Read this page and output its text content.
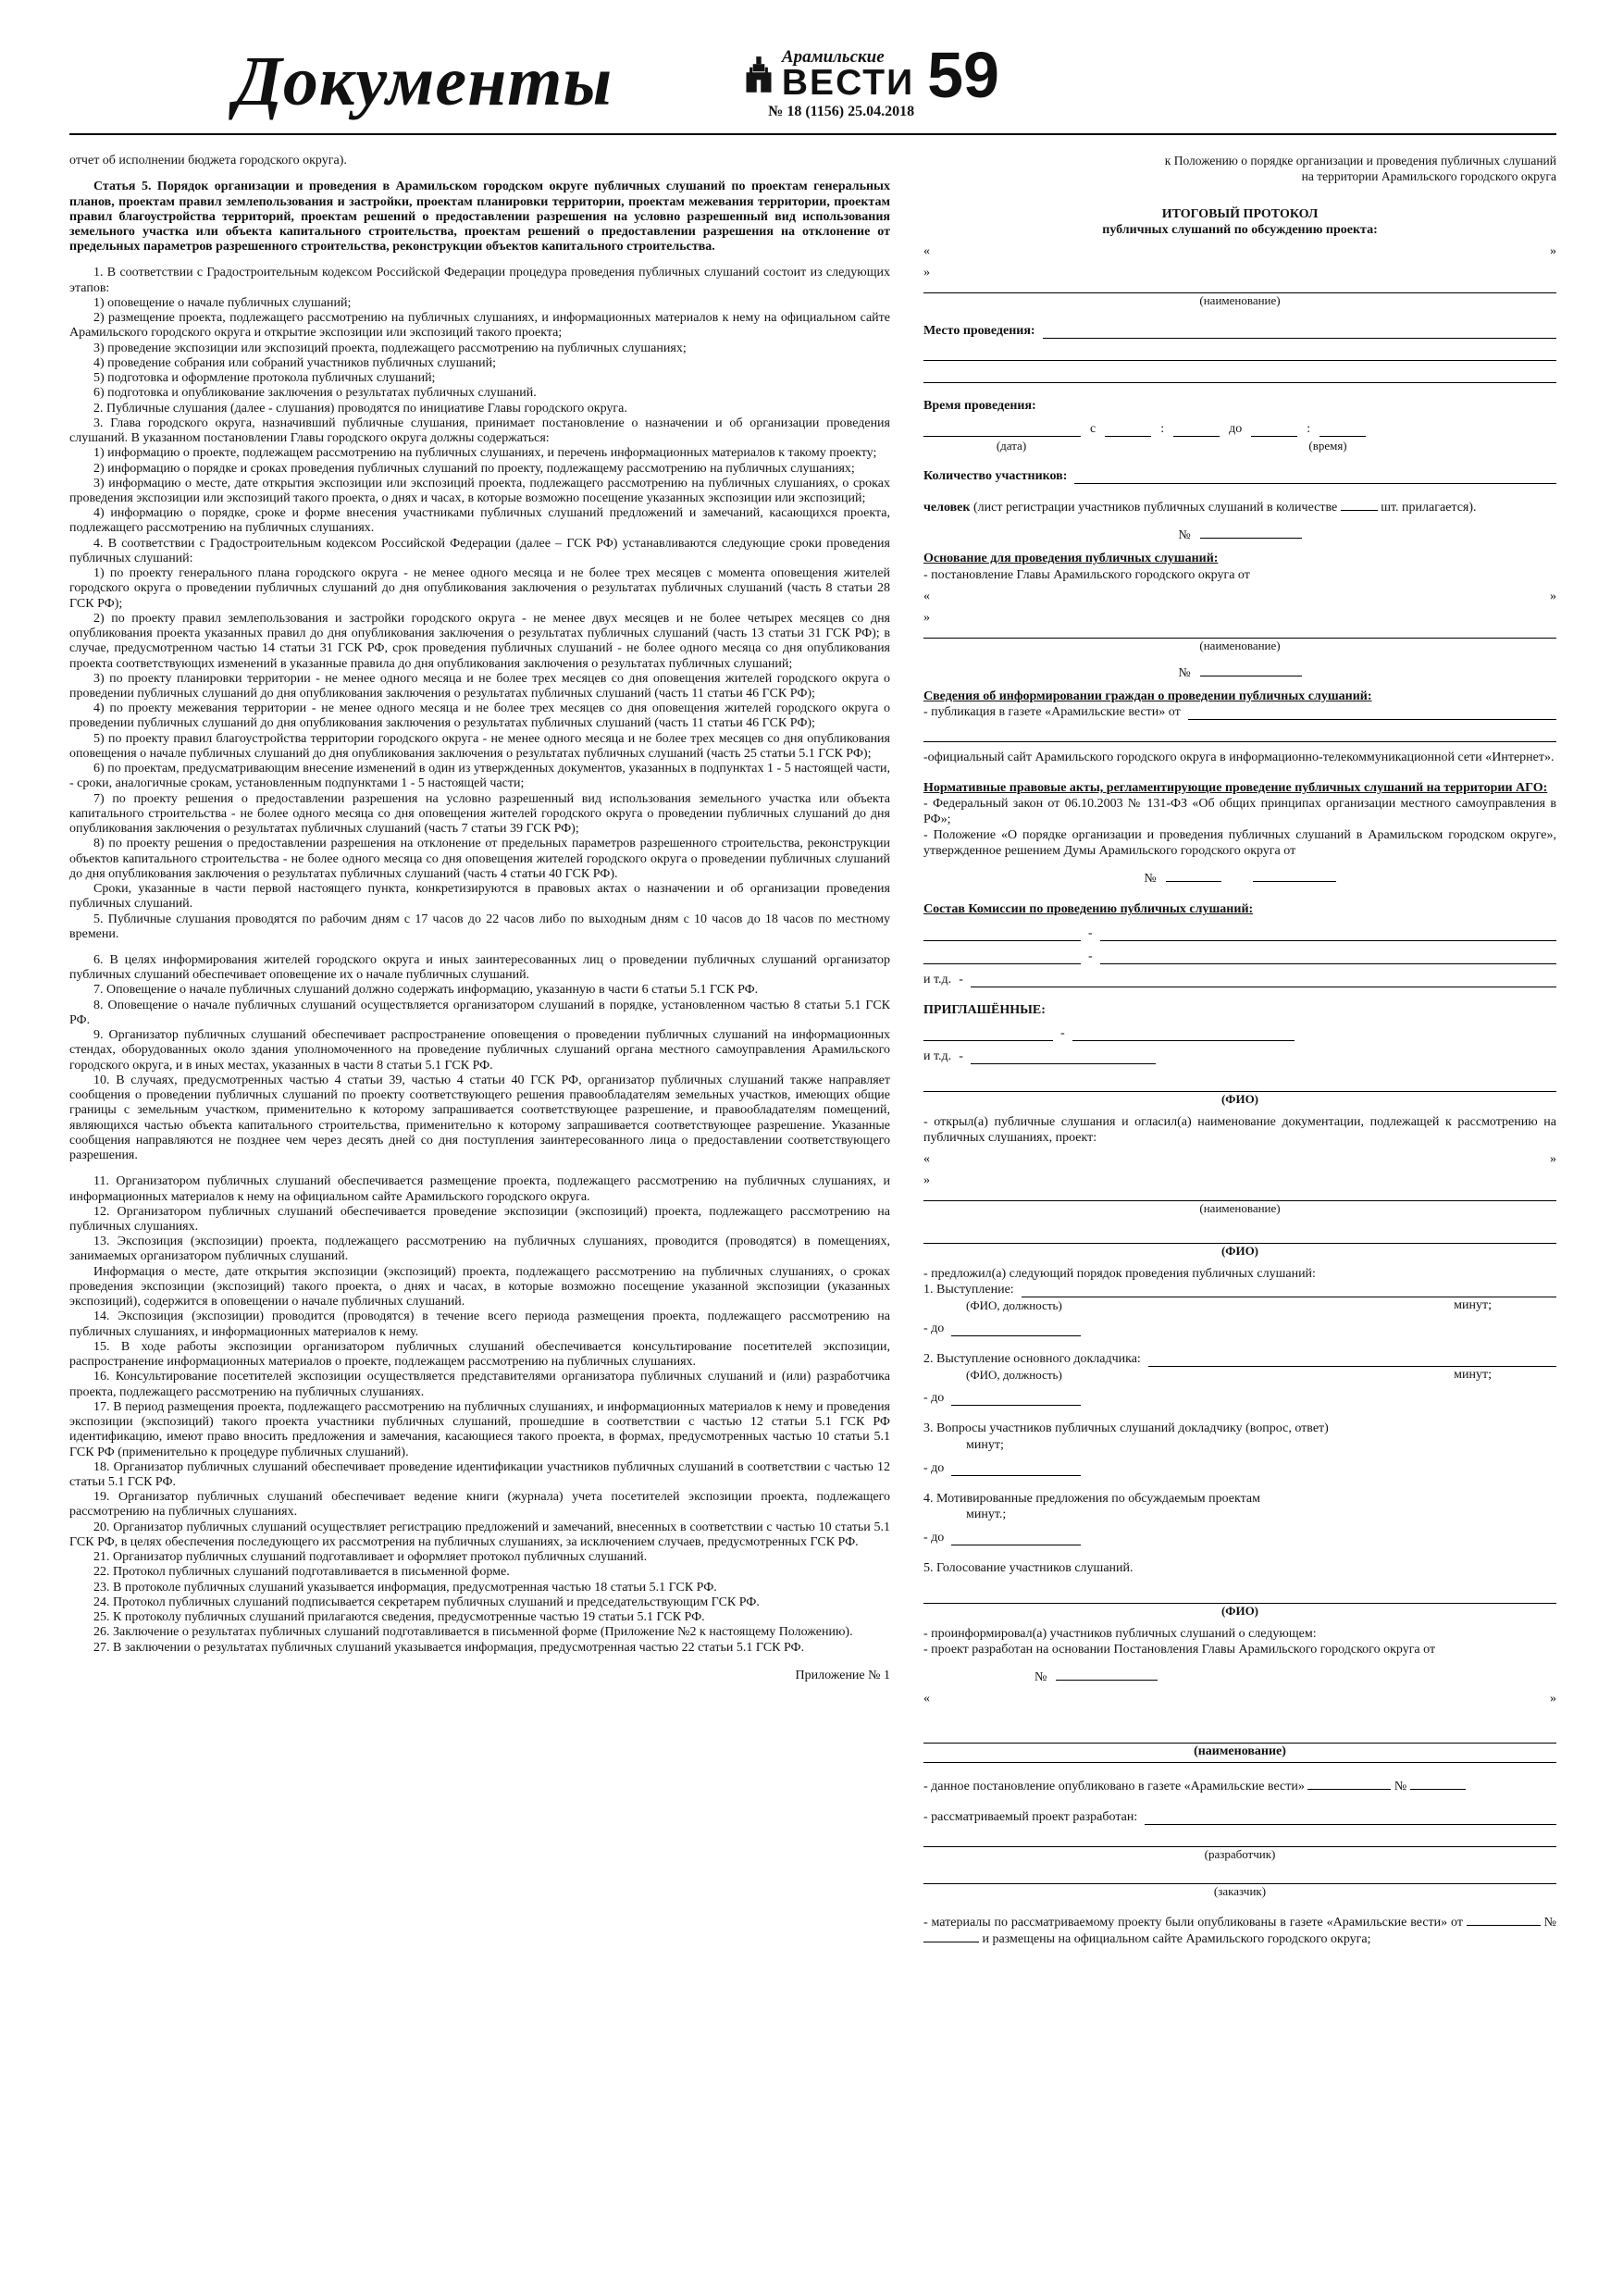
Документы	Арамильские
ВЕСТИ
№ 18 (1156) 25.04.2018
59

отчет об исполнении бюджета городского округа).

Статья 5. Порядок организации и проведения в Арамильском городском округе публичных слушаний по проектам генеральных планов, проектам правил землепользования и застройки, проектам планировки территории, проектам межевания территории, проектам правил благоустройства территорий, проектам решений о предоставлении разрешения на условно разрешенный вид использования земельного участка или объекта капитального строительства, проектам решений о предоставлении разрешения на отклонение от предельных параметров разрешенного строительства, реконструкции объектов капитального строительства.

1. В соответствии с Градостроительным кодексом Российской Федерации процедура проведения публичных слушаний состоит из следующих этапов:

1) оповещение о начале публичных слушаний;

2) размещение проекта, подлежащего рассмотрению на публичных слушаниях, и информационных материалов к нему на официальном сайте Арамильского городского округа и открытие экспозиции или экспозиций такого проекта;

3) проведение экспозиции или экспозиций проекта, подлежащего рассмотрению на публичных слушаниях;

4) проведение собрания или собраний участников публичных слушаний;

5) подготовка и оформление протокола публичных слушаний;

6) подготовка и опубликование заключения о результатах публичных слушаний.

2. Публичные слушания (далее - слушания) проводятся по инициативе Главы городского округа.

3. Глава городского округа, назначивший публичные слушания, принимает постановление о назначении и об организации проведения слушаний. В указанном постановлении Главы городского округа должны содержаться:

1) информацию о проекте, подлежащем рассмотрению на публичных слушаниях, и перечень информационных материалов к такому проекту;

2) информацию о порядке и сроках проведения публичных слушаний по проекту, подлежащему рассмотрению на публичных слушаниях;

3) информацию о месте, дате открытия экспозиции или экспозиций проекта, подлежащего рассмотрению на публичных слушаниях, о сроках проведения экспозиции или экспозиций такого проекта, о днях и часах, в которые возможно посещение указанных экспозиции или экспозиций;

4) информацию о порядке, сроке и форме внесения участниками публичных слушаний предложений и замечаний, касающихся проекта, подлежащего рассмотрению на публичных слушаниях.

4. В соответствии с Градостроительным кодексом Российской Федерации (далее – ГСК РФ) устанавливаются следующие сроки проведения публичных слушаний:

1) по проекту генерального плана городского округа - не менее одного месяца и не более трех месяцев с момента оповещения жителей городского округа о проведении публичных слушаний до дня опубликования заключения о результатах публичных слушаний (часть 8 статьи 28 ГСК РФ);

2) по проекту правил землепользования и застройки городского округа - не менее двух месяцев и не более четырех месяцев со дня опубликования проекта указанных правил до дня опубликования заключения о результатах публичных слушаний (часть 13 статьи 31 ГСК РФ); в случае, предусмотренном частью 14 статьи 31 ГСК РФ, срок проведения публичных слушаний - не более одного месяца со дня опубликования проекта соответствующих изменений в указанные правила до дня опубликования заключения о результатах публичных слушаний;

3) по проекту планировки территории - не менее одного месяца и не более трех месяцев со дня оповещения жителей городского округа о проведении публичных слушаний до дня опубликования заключения о результатах публичных слушаний (часть 11 статьи 46 ГСК РФ);

4) по проекту межевания территории - не менее одного месяца и не более трех месяцев со дня оповещения жителей городского округа о проведении публичных слушаний до дня опубликования заключения о результатах публичных слушаний (часть 11 статьи 46 ГСК РФ);

5) по проекту правил благоустройства территории городского округа - не менее одного месяца и не более трех месяцев со дня опубликования оповещения о начале публичных слушаний до дня опубликования заключения о результатах публичных слушаний (часть 25 статьи 5.1 ГСК РФ);

6) по проектам, предусматривающим внесение изменений в один из утвержденных документов, указанных в подпунктах 1 - 5 настоящей части, - сроки, аналогичные срокам, установленным подпунктами 1 - 5 настоящей части;

7) по проекту решения о предоставлении разрешения на условно разрешенный вид использования земельного участка или объекта капитального строительства - не более одного месяца со дня оповещения жителей городского округа о проведении публичных слушаний до дня опубликования заключения о результатах публичных слушаний (часть 7 статьи 39 ГСК РФ);

8) по проекту решения о предоставлении разрешения на отклонение от предельных параметров разрешенного строительства, реконструкции объектов капитального строительства - не более одного месяца со дня оповещения жителей городского округа о проведении публичных слушаний до дня опубликования заключения о результатах публичных слушаний (часть 4 статьи 40 ГСК РФ).

Сроки, указанные в части первой настоящего пункта, конкретизируются в правовых актах о назначении и об организации проведения публичных слушаний.

5. Публичные слушания проводятся по рабочим дням с 17 часов до 22 часов либо по выходным дням с 10 часов до 18 часов по местному времени.

6. В целях информирования жителей городского округа и иных заинтересованных лиц о проведении публичных слушаний организатор публичных слушаний обеспечивает оповещение их о начале публичных слушаний.

7. Оповещение о начале публичных слушаний должно содержать информацию, указанную в части 6 статьи 5.1 ГСК РФ.

8. Оповещение о начале публичных слушаний осуществляется организатором слушаний в порядке, установленном частью 8 статьи 5.1 ГСК РФ.

9. Организатор публичных слушаний обеспечивает распространение оповещения о проведении публичных слушаний на информационных стендах, оборудованных около здания уполномоченного на проведение публичных слушаний органа местного самоуправления Арамильского городского округа, и в иных местах, указанных в части 8 статьи 5.1 ГСК РФ.

10. В случаях, предусмотренных частью 4 статьи 39, частью 4 статьи 40 ГСК РФ, организатор публичных слушаний также направляет сообщения о проведении публичных слушаний по проекту соответствующего решения правообладателям земельных участков, имеющих общие границы с земельным участком, применительно к которому запрашивается соответствующее разрешение, и правообладателям помещений, являющихся частью объекта капитального строительства, применительно к которому запрашивается соответствующее разрешение. Указанные сообщения направляются не позднее чем через десять дней со дня поступления заинтересованного лица о предоставлении соответствующего разрешения.

11. Организатором публичных слушаний обеспечивается размещение проекта, подлежащего рассмотрению на публичных слушаниях, и информационных материалов к нему на официальном сайте Арамильского городского округа.

12. Организатором публичных слушаний обеспечивается проведение экспозиции (экспозиций) проекта, подлежащего рассмотрению на публичных слушаниях.

13. Экспозиция (экспозиции) проекта, подлежащего рассмотрению на публичных слушаниях, проводится (проводятся) в помещениях, занимаемых организатором публичных слушаний.

Информация о месте, дате открытия экспозиции (экспозиций) проекта, подлежащего рассмотрению на публичных слушаниях, о сроках проведения экспозиции (экспозиций) такого проекта, о днях и часах, в которые возможно посещение указанной экспозиции (указанных экспозиций), содержится в оповещении о начале публичных слушаний.

14. Экспозиция (экспозиции) проводится (проводятся) в течение всего периода размещения проекта, подлежащего рассмотрению на публичных слушаниях, и информационных материалов к нему.

15. В ходе работы экспозиции организатором публичных слушаний обеспечивается консультирование посетителей экспозиции, распространение информационных материалов о проекте, подлежащем рассмотрению на публичных слушаниях.

16. Консультирование посетителей экспозиции осуществляется представителями организатора публичных слушаний и (или) разработчика проекта, подлежащего рассмотрению на публичных слушаниях.

17. В период размещения проекта, подлежащего рассмотрению на публичных слушаниях, и информационных материалов к нему и проведения экспозиции (экспозиций) такого проекта участники публичных слушаний, прошедшие в соответствии с частью 12 статьи 5.1 ГСК РФ идентификацию, имеют право вносить предложения и замечания, касающиеся такого проекта, в формах, предусмотренных частью 10 статьи 5.1 ГСК РФ (применительно к процедуре публичных слушаний).

18. Организатор публичных слушаний обеспечивает проведение идентификации участников публичных слушаний в соответствии с частью 12 статьи 5.1 ГСК РФ.

19. Организатор публичных слушаний обеспечивает ведение книги (журнала) учета посетителей экспозиции проекта, подлежащего рассмотрению на публичных слушаниях.

20. Организатор публичных слушаний осуществляет регистрацию предложений и замечаний, внесенных в соответствии с частью 10 статьи 5.1 ГСК РФ, в целях обеспечения последующего их рассмотрения на публичных слушаниях, за исключением случаев, предусмотренных ГСК РФ.

21. Организатор публичных слушаний подготавливает и оформляет протокол публичных слушаний.

22. Протокол публичных слушаний подготавливается в письменной форме.

23. В протоколе публичных слушаний указывается информация, предусмотренная частью 18 статьи 5.1 ГСК РФ.

24. Протокол публичных слушаний подписывается секретарем публичных слушаний и председательствующим ГСК РФ.

25. К протоколу публичных слушаний прилагаются сведения, предусмотренные частью 19 статьи 5.1 ГСК РФ.

26. Заключение о результатах публичных слушаний подготавливается в письменной форме (Приложение №2 к настоящему Положению).

27. В заключении о результатах публичных слушаний указывается информация, предусмотренная частью 22 статьи 5.1 ГСК РФ.

Приложение № 1

к Положению о порядке организации и проведения публичных слушаний на территории Арамильского городского округа
ИТОГОВЫЙ ПРОТОКОЛ
публичных слушаний по обсуждению проекта:
«	»
»
(наименование)
Место проведения:
Время проведения:
с	:	до	:
(дата)	(время)
Количество участников:

человек (лист регистрации участников публичных слушаний в количестве	шт. прилагается).

№
Основание для проведения публичных слушаний:
- постановление Главы Арамильского городского округа от
«	»
»
(наименование)
№
Сведения об информировании граждан о проведении публичных слушаний:
- публикация в газете «Арамильские вести» от

-официальный сайт Арамильского городского округа в информационно-телекоммуникационной сети «Интернет».

Нормативные правовые акты, регламентирующие проведение публичных слушаний на территории АГО:

- Федеральный закон от 06.10.2003 № 131-ФЗ «Об общих принципах организации местного самоуправления в РФ»;

- Положение «О порядке организации и проведения публичных слушаний в Арамильском городском округе», утвержденное решением Думы Арамильского городского округа от

№
Состав Комиссии по проведению публичных слушаний:
-
-
и т.д. -
ПРИГЛАШЁННЫЕ:
-
и т.д. -
(ФИО)

- открыл(а) публичные слушания и огласил(а) наименование документации, подлежащей к рассмотрению на публичных слушаниях, проект:

«	»
»
(наименование)
(ФИО)

- предложил(а) следующий порядок проведения публичных слушаний:

1. Выступление:
(ФИО, должность)	минут;
- до
2. Выступление основного докладчика:
(ФИО, должность)	минут;
- до

3. Вопросы участников публичных слушаний докладчику (вопрос, ответ)

минут;
- до

4. Мотивированные предложения по обсуждаемым проектам

минут.;
- до

5. Голосование участников слушаний.

(ФИО)

- проинформировал(а) участников публичных слушаний о следующем:

- проект разработан на основании Постановления Главы Арамильского городского округа от

№
«	»
(наименование)

- данное постановление опубликовано в газете «Арамильские вести»	№

- рассматриваемый проект разработан:
(разработчик)
(заказчик)

- материалы по рассматриваемому проекту были опубликованы в газете «Арамильские вести» от	№  и размещены на официальном сайте Арамильского городского округа;
